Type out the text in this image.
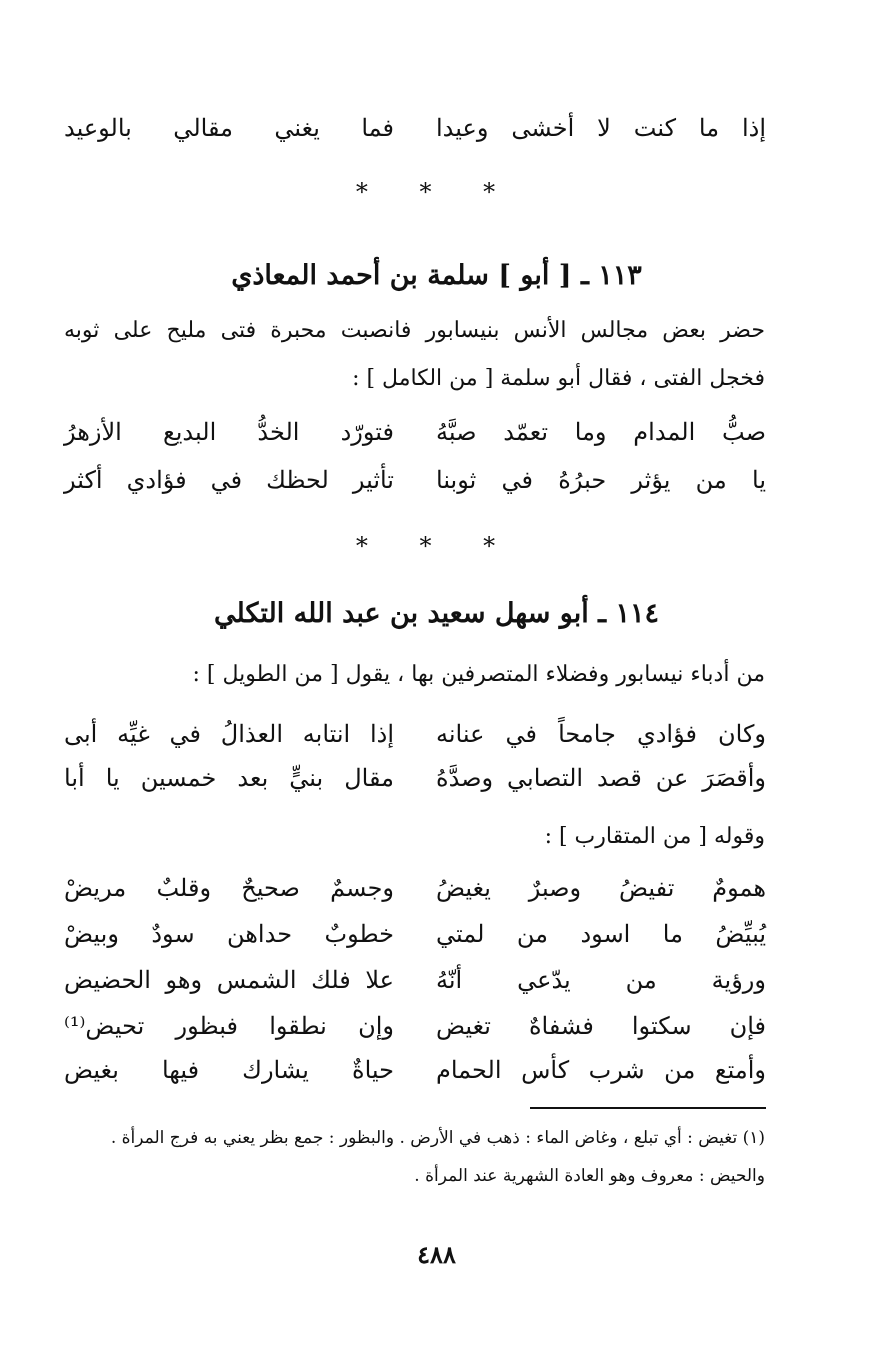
إذا ما كنت لا أخشى وعيدا
فما يغني مقالي بالوعيد
* * *
١١٣ ـ [ أبو ] سلمة بن أحمد المعاذي
حضر بعض مجالس الأنس بنيسابور فانصبت محبرة فتى مليح على ثوبه
فخجل الفتى ، فقال أبو سلمة [ من الكامل ] :
صبُّ المدام وما تعمّد صبَّهُ
فتورّد الخدُّ البديع الأزهرُ
يا من يؤثر حبرُهُ في ثوبنا
تأثير لحظك في فؤادي أكثر
* * *
١١٤ ـ أبو سهل سعيد بن عبد الله التكلي
من أدباء نيسابور وفضلاء المتصرفين بها ، يقول [ من الطويل ] :
وكان فؤادي جامحاً في عنانه
إذا انتابه العذالُ في غيِّه أبى
وأقصَرَ عن قصد التصابي وصدَّهُ
مقال بنيٍّ بعد خمسين يا أبا
وقوله [ من المتقارب ] :
همومٌ تفيضُ وصبرٌ يغيضُ
وجسمٌ صحيحٌ وقلبٌ مريضْ
يُبيِّضُ ما اسود من لمتي
خطوبٌ حداهن سودٌ وبيضْ
ورؤية من يدّعي أنّهُ
علا فلك الشمس وهو الحضيض
فإن سكتوا فشفاهٌ تغيض
وإن نطقوا فبظور تحيض⁽¹⁾
وأمتع من شرب كأس الحمام
حياةٌ يشارك فيها بغيض
(١) تغيض : أي تبلع ، وغاض الماء : ذهب في الأرض . والبظور : جمع بظر يعني به فرج المرأة .
والحيض : معروف وهو العادة الشهرية عند المرأة .
٤٨٨
